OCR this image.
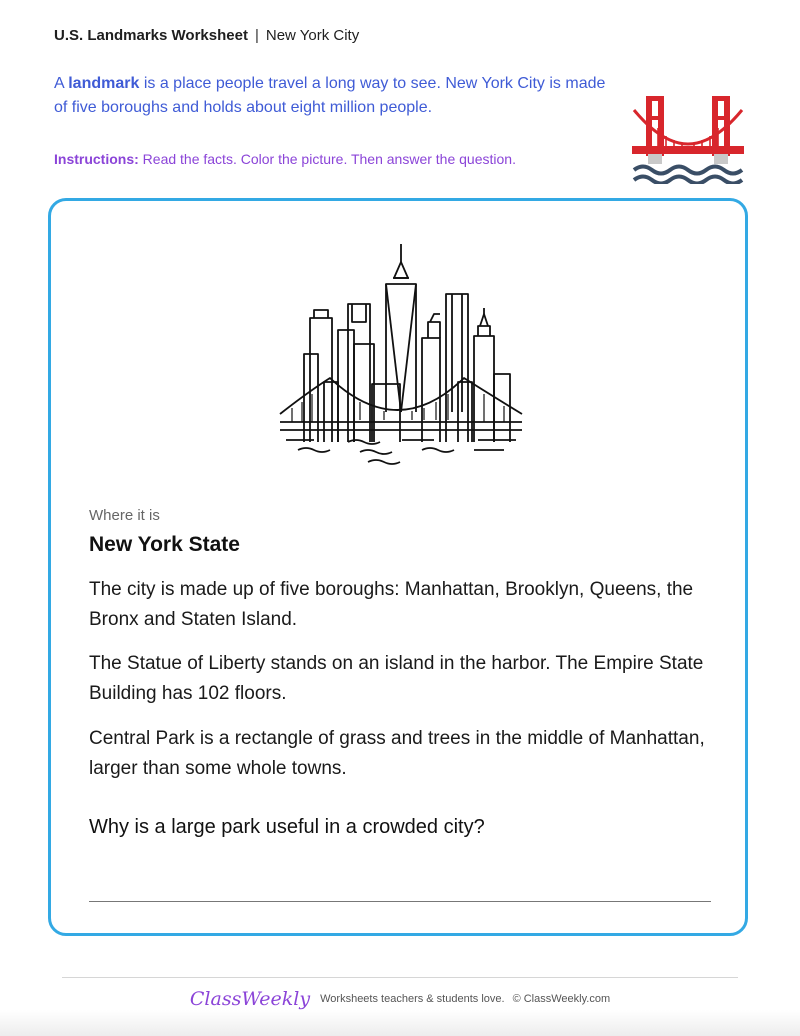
U.S. Landmarks Worksheet | New York City
A landmark is a place people travel a long way to see. New York City is made of five boroughs and holds about eight million people.
Instructions: Read the facts. Color the picture. Then answer the question.
Where it is
New York State
The city is made up of five boroughs: Manhattan, Brooklyn, Queens, the Bronx and Staten Island.
The Statue of Liberty stands on an island in the harbor. The Empire State Building has 102 floors.
Central Park is a rectangle of grass and trees in the middle of Manhattan, larger than some whole towns.
Why is a large park useful in a crowded city?
ClassWeekly Worksheets teachers & students love. © ClassWeekly.com
